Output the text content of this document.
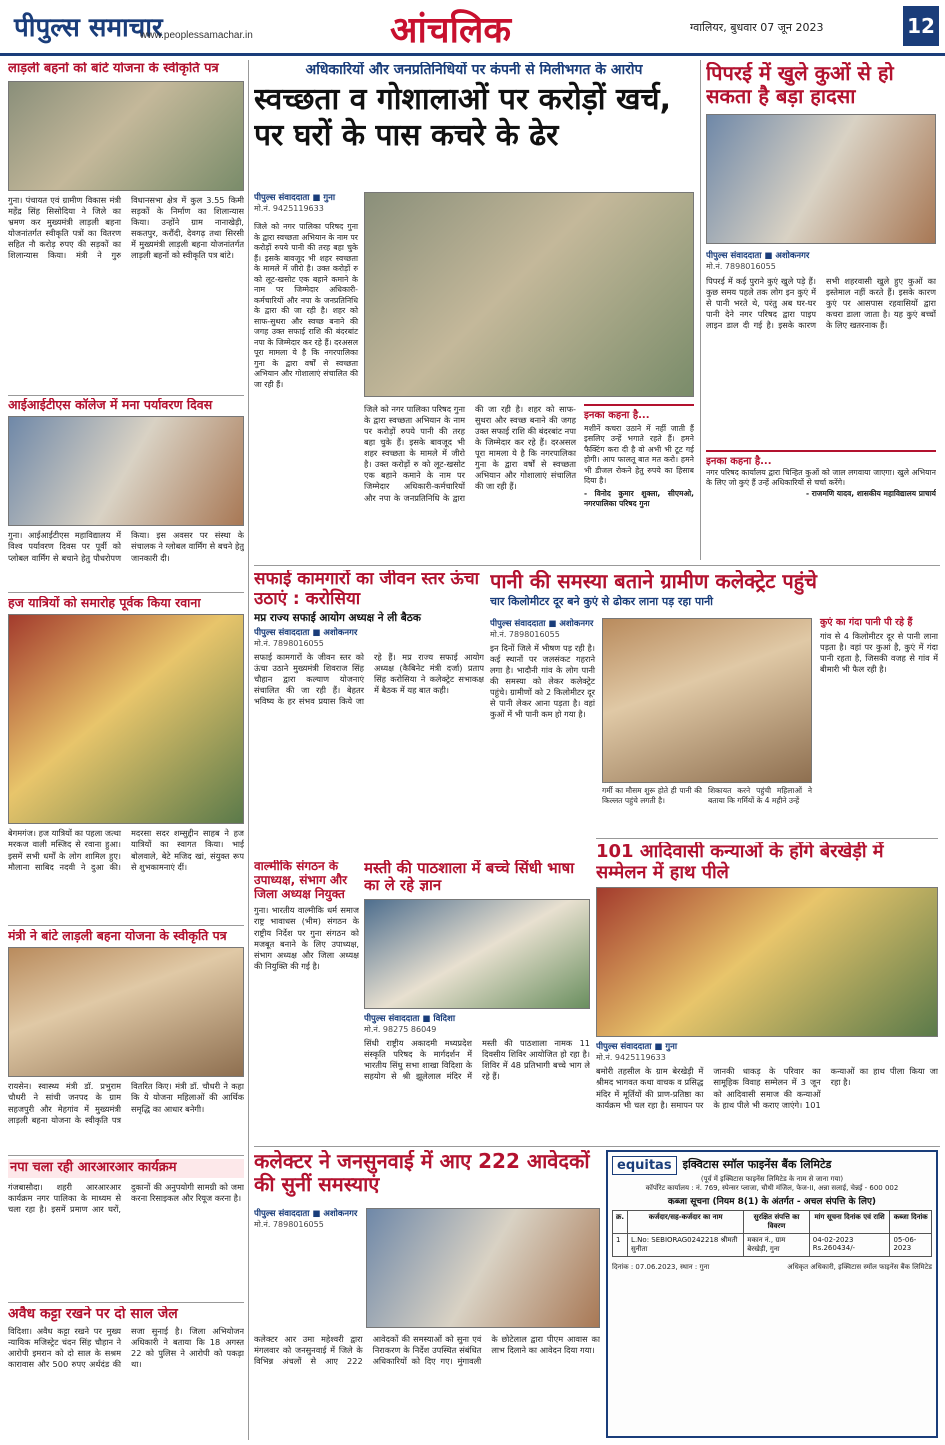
पीपुल्स समाचार
www.peoplessamachar.in	आंचलिक	ग्वालियर, बुधवार 07 जून 2023	12
लाड़ली बहनों को बांटे योजना के स्वीकृति पत्र
गुना। पंचायत एवं ग्रामीण विकास मंत्री महेंद्र सिंह सिसोदिया ने जिले का भ्रमण कर मुख्यमंत्री लाड़ली बहना योजनांतर्गत स्वीकृति पत्रों का वितरण सहित नौ करोड़ रुपए की सड़कों का शिलान्यास किया। मंत्री ने गुरु विधानसभा क्षेत्र में कुल 3.55 किमी सड़कों के निर्माण का शिलान्यास किया। उन्होंने ग्राम नानाखेड़ी, सकतपुर, करौंदी, देवगढ़ तथा सिरसी में मुख्यमंत्री लाड़ली बहना योजनांतर्गत लाड़ली बहनों को स्वीकृति पत्र बांटे।
आईआईटीएस कॉलेज में मना पर्यावरण दिवस
गुना। आईआईटीएस महाविद्यालय में विश्व पर्यावरण दिवस पर पूर्वी को प्लोबल वार्मिंग से बचाने हेतु पौधरोपण किया। इस अवसर पर संस्था के संचालक ने ग्लोबल वार्मिंग से बचने हेतु जानकारी दी।
हज यात्रियों को समारोह पूर्वक किया रवाना
बेगमगंज। हज यात्रियों का पहला जत्था मरकज वाली मस्जिद से रवाना हुआ। इसमें सभी धर्मों के लोग शामिल हुए। मौलाना साबिद नदवी ने दुआ की। मदरसा सदर शम्सुद्दीन साहब ने हज यात्रियों का स्वागत किया। भाई बोलवाले, बेटे मजिद खां, संयुक्त रूप से शुभकामनाएं दीं।
मंत्री ने बांटे लाड़ली बहना योजना के स्वीकृति पत्र
रायसेन। स्वास्थ्य मंत्री डॉ. प्रभुराम चौधरी ने सांची जनपद के ग्राम सहजपुरी और मेहगांव में मुख्यमंत्री लाड़ली बहना योजना के स्वीकृति पत्र वितरित किए। मंत्री डॉ. चौधरी ने कहा कि ये योजना महिलाओं की आर्थिक समृद्धि का आधार बनेगी।
नपा चला रही आरआरआर कार्यक्रम
गंजबासौदा। शहरी आरआरआर कार्यक्रम नगर पालिका के माध्यम से चला रहा है। इसमें प्रमाण आर घरों, दुकानों की अनुपयोगी सामग्री को जमा करना रिसाइकल और रियूज करना है।
अवैध कट्टा रखने पर दो साल जेल
विदिशा। अवैध कट्टा रखने पर मुख्य न्यायिक मजिस्ट्रेट चंदन सिंह चौहान ने आरोपी इमरान को दो साल के सश्रम कारावास और 500 रुपए अर्थदंड की सजा सुनाई है। जिला अभियोजन अधिकारी ने बताया कि 18 अगस्त 22 को पुलिस ने आरोपी को पकड़ा था।
अधिकारियों और जनप्रतिनिधियों पर कंपनी से मिलीभगत के आरोप
स्वच्छता व गोशालाओं पर करोड़ों खर्च, पर घरों के पास कचरे के ढेर
पीपुल्स संवाददाता ■ गुना
मो.नं. 9425119633
जिले को नगर पालिका परिषद गुना के द्वारा स्वच्छता अभियान के नाम पर करोड़ों रुपये पानी की तरह बहा चुके हैं। इसके बावजूद भी शहर स्वच्छता के मामले में जीरो है। उक्त करोड़ों रु को लूट-खसोट एक बहाने कमाने के नाम पर जिम्मेदार अधिकारी-कर्मचारियों और नपा के जनप्रतिनिधि के द्वारा की जा रही है। शहर को साफ-सुथरा और स्वच्छ बनाने की जगह उक्त सफाई राशि की बंदरबांट नपा के जिम्मेदार कर रहे हैं। दरअसल पूरा मामला ये है कि नगरपालिका गुना के द्वारा वर्षों से स्वच्छता अभियान और गोशालाएं संचालित की जा रही हैं।
जिले को नगर पालिका परिषद गुना के द्वारा स्वच्छता अभियान के नाम पर करोड़ों रुपये पानी की तरह बहा चुके हैं। इसके बावजूद भी शहर स्वच्छता के मामले में जीरो है। उक्त करोड़ों रु को लूट-खसोट एक बहाने कमाने के नाम पर जिम्मेदार अधिकारी-कर्मचारियों और नपा के जनप्रतिनिधि के द्वारा की जा रही है। शहर को साफ-सुथरा और स्वच्छ बनाने की जगह उक्त सफाई राशि की बंदरबांट नपा के जिम्मेदार कर रहे हैं। दरअसल पूरा मामला ये है कि नगरपालिका गुना के द्वारा वर्षों से स्वच्छता अभियान और गोशालाएं संचालित की जा रही हैं।
इनका कहना है...
मशीनें कचरा उठाने में नहीं जाती हैं इसलिए उन्हें भगाते रहते हैं। हमने फैक्टिंग करा दी है वो अभी भी टूट गई होगी। आप फालतू बात मत करो। हमने भी डीजल रोकने हेतु रुपये का हिसाब दिया है।
- विनोद कुमार शुक्ला, सीएमओ, नगरपालिका परिषद गुना
पिपरई में खुले कुओं से हो सकता है बड़ा हादसा
पीपुल्स संवाददाता ■ अशोकनगर
मो.नं. 7898016055
पिपरई में कई पुराने कुएं खुले पड़े हैं। कुछ समय पहले तक लोग इन कुएं में से पानी भरते थे, परंतु अब घर-घर पानी देने नगर परिषद द्वारा पाइप लाइन डाल दी गई है। इसके कारण सभी शहरवासी खुले हुए कुओं का इस्तेमाल नहीं करते हैं। इसके कारण कुएं पर आसपास रहवासियों द्वारा कचरा डाला जाता है। यह कुएं बच्चों के लिए खतरनाक हैं।
इनका कहना है...
नगर परिषद कार्यालय द्वारा चिन्हित कुओं को जाल लगवाया जाएगा। खुले अभियान के लिए जो कुएं हैं उन्हें अधिकारियों से चर्चा करेंगे।
- राजमणि यादव, शासकीय महाविद्यालय प्राचार्य
सफाई कामगारों का जीवन स्तर ऊंचा उठाएं : करोसिया
मप्र राज्य सफाई आयोग अध्यक्ष ने ली बैठक
पीपुल्स संवाददाता ■ अशोकनगर
मो.नं. 7898016055
सफाई कामगारों के जीवन स्तर को ऊंचा उठाने मुख्यमंत्री शिवराज सिंह चौहान द्वारा कल्याण योजनाएं संचालित की जा रही हैं। बेहतर भविष्य के हर संभव प्रयास किये जा रहे हैं। मप्र राज्य सफाई आयोग अध्यक्ष (कैबिनेट मंत्री दर्जा) प्रताप सिंह करोसिया ने कलेक्ट्रेट सभाकक्ष में बैठक में यह बात कही।
वाल्मीकि संगठन के उपाध्यक्ष, संभाग और जिला अध्यक्ष नियुक्त
गुना। भारतीय वाल्मीकि धर्म समाज राष्ट्र भावाधस (भीम) संगठन के राष्ट्रीय निर्देश पर गुना संगठन को मजबूत बनाने के लिए उपाध्यक्ष, संभाग अध्यक्ष और जिला अध्यक्ष की नियुक्ति की गई है।
मस्ती की पाठशाला में बच्चे सिंधी भाषा का ले रहे ज्ञान
पीपुल्स संवाददाता ■ विदिशा
मो.नं. 98275 86049
सिंधी राष्ट्रीय अकादमी मध्यप्रदेश संस्कृति परिषद के मार्गदर्शन में भारतीय सिंधु सभा शाखा विदिशा के सहयोग से श्री झूलेलाल मंदिर में मस्ती की पाठशाला नामक 11 दिवसीय शिविर आयोजित हो रहा है। शिविर में 48 प्रतिभागी बच्चे भाग ले रहे हैं।
पानी की समस्या बताने ग्रामीण कलेक्ट्रेट पहुंचे
चार किलोमीटर दूर बने कुएं से ढोकर लाना पड़ रहा पानी
पीपुल्स संवाददाता ■ अशोकनगर
मो.नं. 7898016055
इन दिनों जिले में भीषण पड़ रही है। कई स्थानों पर जलसंकट गहराने लगा है। भादौनी गांव के लोग पानी की समस्या को लेकर कलेक्ट्रेट पहुंचे। ग्रामीणों को 2 किलोमीटर दूर से पानी लेकर आना पड़ता है। वहां कुओं में भी पानी कम हो गया है।
गर्मी का मौसम शुरू होते ही पानी की किल्लत पहुंचे लगती है।
शिकायत करने पहुंची महिलाओं ने बताया कि गर्मियों के 4 महीने उन्हें
कुएं का गंदा पानी पी रहे हैं
गांव से 4 किलोमीटर दूर से पानी लाना पड़ता है। वहां पर कुआं है, कुएं में गंदा पानी रहता है, जिसकी वजह से गांव में बीमारी भी फैल रही है।
101 आदिवासी कन्याओं के होंगे बेरखेड़ी में सम्मेलन में हाथ पीले
पीपुल्स संवाददाता ■ गुना
मो.नं. 9425119633
बमोरी तहसील के ग्राम बेरखेड़ी में श्रीमद भागवत कथा वाचक व प्रसिद्ध मंदिर में मूर्तियों की प्राण-प्रतिष्ठा का कार्यक्रम भी चल रहा है। समापन पर जानकी धाकड़ के परिवार का सामूहिक विवाह सम्मेलन में 3 जून को आदिवासी समाज की कन्याओं के हाथ पीले भी कराए जाएंगे। 101 कन्याओं का हाथ पीला किया जा रहा है।
कलेक्टर ने जनसुनवाई में आए 222 आवेदकों की सुनीं समस्याएं
पीपुल्स संवाददाता ■ अशोकनगर
मो.नं. 7898016055
कलेक्टर आर उमा महेश्वरी द्वारा मंगलवार को जनसुनवाई में जिले के विभिन्न अंचलों से आए 222 आवेदकों की समस्याओं को सुना एवं निराकरण के निर्देश उपस्थित संबंधित अधिकारियों को दिए गए। मुंगावली के छोटेलाल द्वारा पीएम आवास का लाभ दिलाने का आवेदन दिया गया।
equitas	इक्विटास स्मॉल फाइनेंस बैंक लिमिटेड
(पूर्व में इक्विटास फाइनेंस लिमिटेड के नाम से जाना गया)
कॉर्पोरेट कार्यालय : नं. 769, स्पेन्सर प्लाजा, चौथी मंजिल, फेज-II, अन्ना सलाई, चेन्नई - 600 002
कब्जा सूचना (नियम 8(1) के अंतर्गत - अचल संपत्ति के लिए)
क्र.	कर्जदार/सह-कर्जदार का नाम	सुरक्षित संपत्ति का विवरण	मांग सूचना दिनांक एवं राशि	कब्जा दिनांक
1	L.No: SEBIORAG0242218 श्रीमती सुनीता	मकान नं., ग्राम बेरखेड़ी, गुना	04-02-2023 Rs.260434/-	05-06-2023
दिनांक : 07.06.2023, स्थान : गुना	अधिकृत अधिकारी, इक्विटास स्मॉल फाइनेंस बैंक लिमिटेड
